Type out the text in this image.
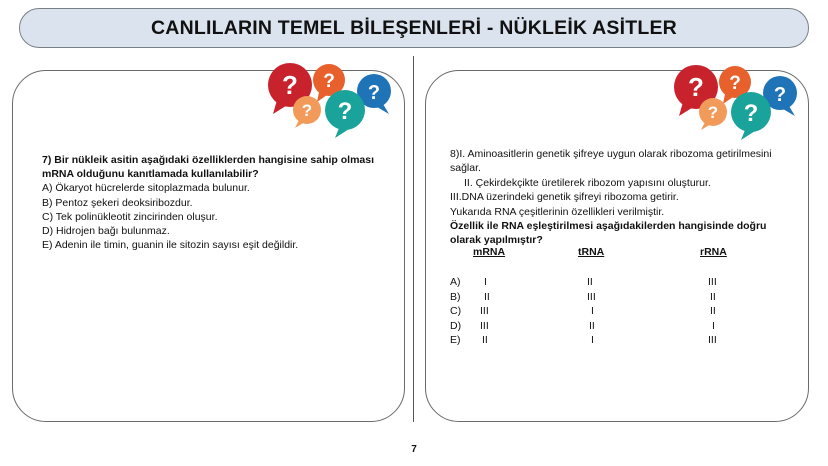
CANLILARIN TEMEL BİLEŞENLERİ - NÜKLEİK ASİTLER
? ?
?
? ?
? ?
?
? ?
7) Bir nükleik asitin aşağıdaki özelliklerden hangisine sahip olması mRNA olduğunu kanıtlamada kullanılabilir?
A) Ökaryot hücrelerde sitoplazmada bulunur.
B) Pentoz şekeri deoksiribozdur.
C) Tek polinükleotit zincirinden oluşur.
D) Hidrojen bağı bulunmaz.
E) Adenin ile timin, guanin ile sitozin sayısı eşit değildir.
8)I. Aminoasitlerin genetik şifreye uygun olarak ribozoma getirilmesini sağlar.
II. Çekirdekçikte üretilerek ribozom yapısını oluşturur.
III.DNA üzerindeki genetik şifreyi ribozoma getirir.
Yukarıda RNA çeşitlerinin özellikleri verilmiştir.
Özellik ile RNA eşleştirilmesi aşağıdakilerden hangisinde doğru olarak yapılmıştır?
mRNA	tRNA	rRNA
A) I	II	III
B) II	III	II
C) III	I	II
D) III	II	I
E) II	I	III
7
